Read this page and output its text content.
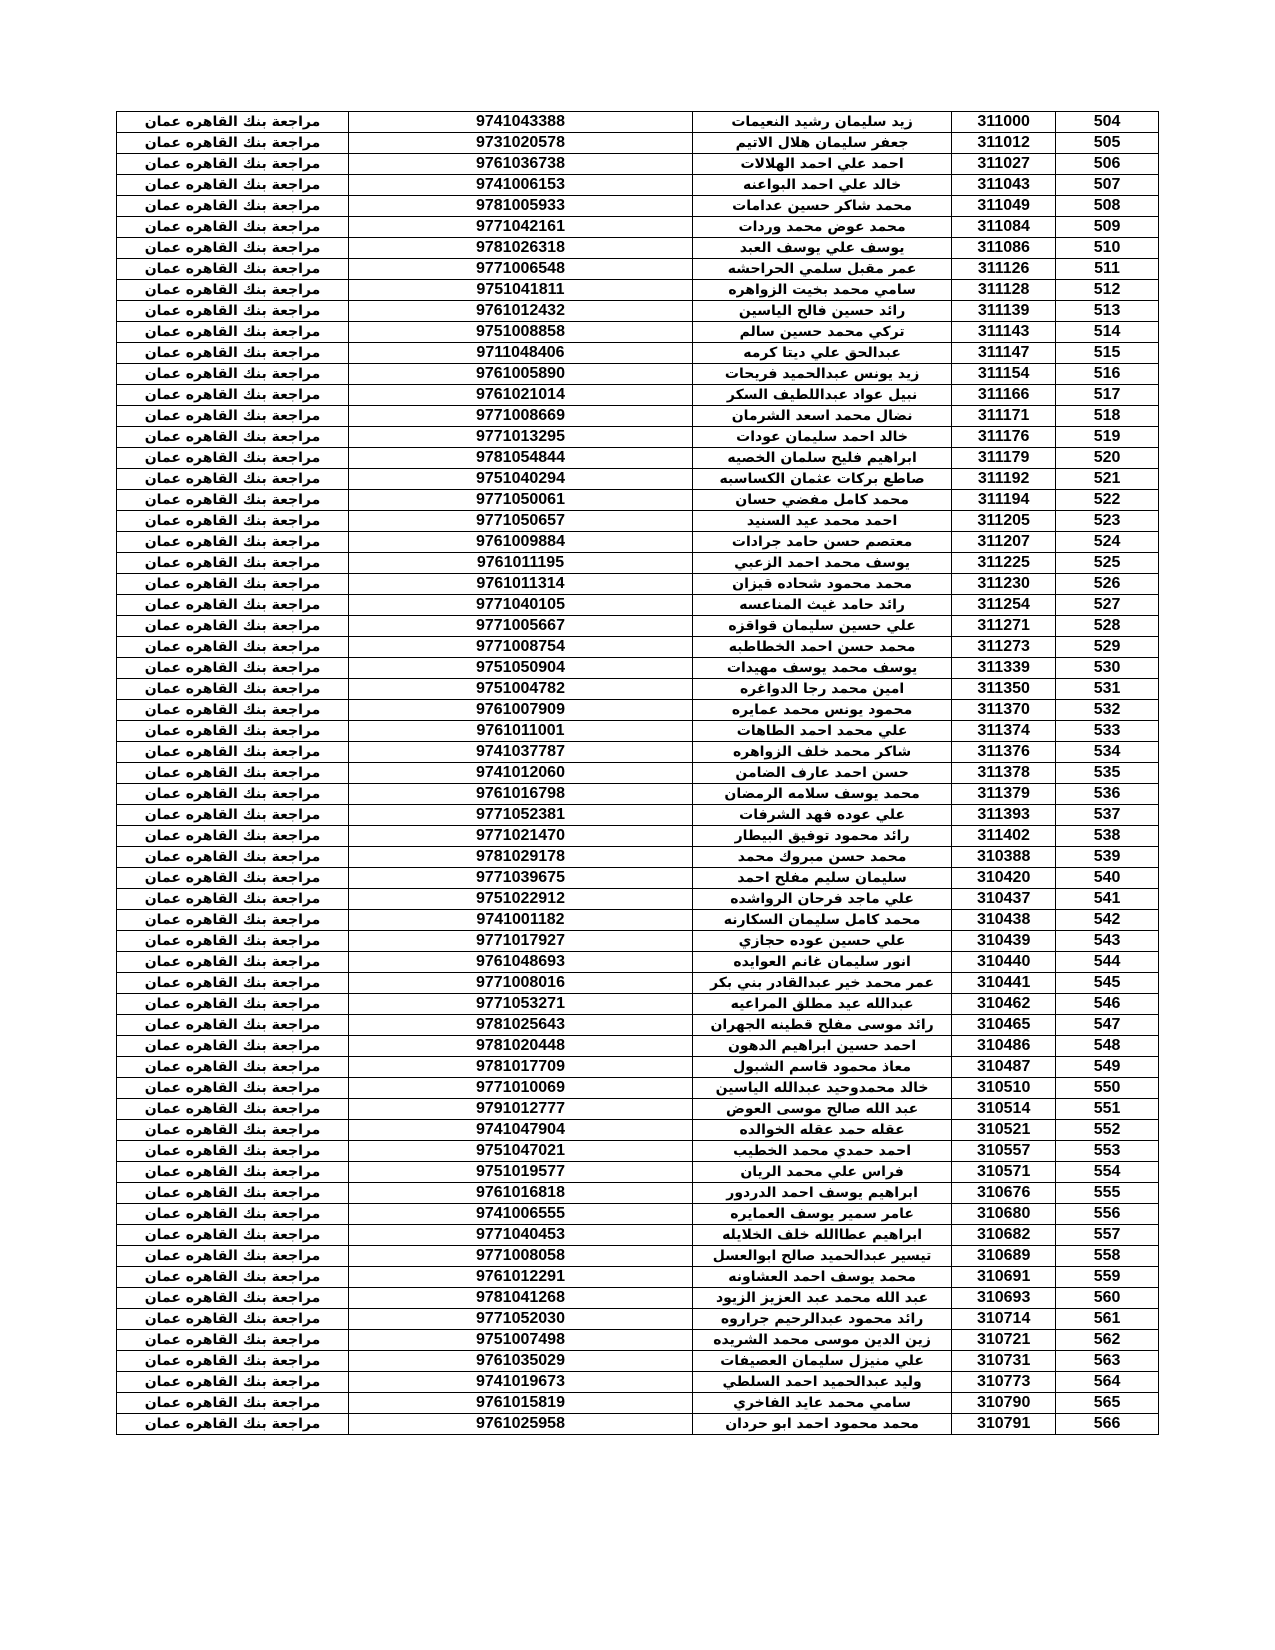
مراجعة بنك القاهره عمان	9741043388	زيد سليمان رشيد النعيمات	311000	504
مراجعة بنك القاهره عمان	9731020578	جعفر سليمان هلال الاتيم	311012	505
مراجعة بنك القاهره عمان	9761036738	احمد علي احمد الهلالات	311027	506
مراجعة بنك القاهره عمان	9741006153	خالد علي احمد البواعنه	311043	507
مراجعة بنك القاهره عمان	9781005933	محمد شاكر حسين عدامات	311049	508
مراجعة بنك القاهره عمان	9771042161	محمد عوض محمد وردات	311084	509
مراجعة بنك القاهره عمان	9781026318	يوسف علي يوسف العبد	311086	510
مراجعة بنك القاهره عمان	9771006548	عمر مقبل سلمي الحراحشه	311126	511
مراجعة بنك القاهره عمان	9751041811	سامي محمد بخيت الزواهره	311128	512
مراجعة بنك القاهره عمان	9761012432	رائد حسين فالح الياسين	311139	513
مراجعة بنك القاهره عمان	9751008858	تركي محمد حسين سالم	311143	514
مراجعة بنك القاهره عمان	9711048406	عبدالحق علي ديتا كرمه	311147	515
مراجعة بنك القاهره عمان	9761005890	زيد يونس عبدالحميد فريحات	311154	516
مراجعة بنك القاهره عمان	9761021014	نبيل عواد عبداللطيف السكر	311166	517
مراجعة بنك القاهره عمان	9771008669	نضال محمد اسعد الشرمان	311171	518
مراجعة بنك القاهره عمان	9771013295	خالد احمد سليمان عودات	311176	519
مراجعة بنك القاهره عمان	9781054844	ابراهيم فليح سلمان الخصيه	311179	520
مراجعة بنك القاهره عمان	9751040294	صاطع بركات عثمان الكساسبه	311192	521
مراجعة بنك القاهره عمان	9771050061	محمد كامل مفضي حسان	311194	522
مراجعة بنك القاهره عمان	9771050657	احمد محمد عيد السنيد	311205	523
مراجعة بنك القاهره عمان	9761009884	معتصم حسن حامد جرادات	311207	524
مراجعة بنك القاهره عمان	9761011195	يوسف محمد احمد الزعبي	311225	525
مراجعة بنك القاهره عمان	9761011314	محمد محمود شحاده قيزان	311230	526
مراجعة بنك القاهره عمان	9771040105	رائد حامد غيث المناعسه	311254	527
مراجعة بنك القاهره عمان	9771005667	علي حسين سليمان قواقزه	311271	528
مراجعة بنك القاهره عمان	9771008754	محمد حسن احمد الخطاطبه	311273	529
مراجعة بنك القاهره عمان	9751050904	يوسف محمد يوسف مهيدات	311339	530
مراجعة بنك القاهره عمان	9751004782	امين محمد رجا الدواغره	311350	531
مراجعة بنك القاهره عمان	9761007909	محمود يونس محمد عمايره	311370	532
مراجعة بنك القاهره عمان	9761011001	علي محمد احمد الطاهات	311374	533
مراجعة بنك القاهره عمان	9741037787	شاكر محمد خلف الزواهره	311376	534
مراجعة بنك القاهره عمان	9741012060	حسن احمد عارف الضامن	311378	535
مراجعة بنك القاهره عمان	9761016798	محمد يوسف سلامه الرمضان	311379	536
مراجعة بنك القاهره عمان	9771052381	علي عوده فهد الشرفات	311393	537
مراجعة بنك القاهره عمان	9771021470	رائد محمود توفيق البيطار	311402	538
مراجعة بنك القاهره عمان	9781029178	محمد حسن مبروك محمد	310388	539
مراجعة بنك القاهره عمان	9771039675	سليمان سليم مفلح احمد	310420	540
مراجعة بنك القاهره عمان	9751022912	علي ماجد فرحان الرواشده	310437	541
مراجعة بنك القاهره عمان	9741001182	محمد كامل سليمان السكارنه	310438	542
مراجعة بنك القاهره عمان	9771017927	علي حسين عوده حجازي	310439	543
مراجعة بنك القاهره عمان	9761048693	انور سليمان غانم العوايده	310440	544
مراجعة بنك القاهره عمان	9771008016	عمر محمد خير عبدالقادر بني بكر	310441	545
مراجعة بنك القاهره عمان	9771053271	عبدالله عيد مطلق المراعيه	310462	546
مراجعة بنك القاهره عمان	9781025643	رائد موسى مفلح قطينه الجهران	310465	547
مراجعة بنك القاهره عمان	9781020448	احمد حسين ابراهيم الدهون	310486	548
مراجعة بنك القاهره عمان	9781017709	معاذ محمود قاسم الشبول	310487	549
مراجعة بنك القاهره عمان	9771010069	خالد محمدوحيد عبدالله الياسين	310510	550
مراجعة بنك القاهره عمان	9791012777	عبد الله صالح موسى العوض	310514	551
مراجعة بنك القاهره عمان	9741047904	عقله حمد عقله الخوالده	310521	552
مراجعة بنك القاهره عمان	9751047021	احمد حمدي محمد الخطيب	310557	553
مراجعة بنك القاهره عمان	9751019577	فراس علي محمد الريان	310571	554
مراجعة بنك القاهره عمان	9761016818	ابراهيم يوسف احمد الدردور	310676	555
مراجعة بنك القاهره عمان	9741006555	عامر سمير يوسف العمايره	310680	556
مراجعة بنك القاهره عمان	9771040453	ابراهيم عطاالله خلف الخلايله	310682	557
مراجعة بنك القاهره عمان	9771008058	تيسير عبدالحميد صالح ابوالعسل	310689	558
مراجعة بنك القاهره عمان	9761012291	محمد يوسف احمد العشاونه	310691	559
مراجعة بنك القاهره عمان	9781041268	عبد الله محمد عبد العزيز الزيود	310693	560
مراجعة بنك القاهره عمان	9771052030	رائد محمود عبدالرحيم جراروه	310714	561
مراجعة بنك القاهره عمان	9751007498	زين الدين موسى محمد الشريده	310721	562
مراجعة بنك القاهره عمان	9761035029	علي منيزل سليمان العصيفات	310731	563
مراجعة بنك القاهره عمان	9741019673	وليد عبدالحميد احمد السلطي	310773	564
مراجعة بنك القاهره عمان	9761015819	سامي محمد عايد الفاخري	310790	565
مراجعة بنك القاهره عمان	9761025958	محمد محمود احمد ابو حردان	310791	566
